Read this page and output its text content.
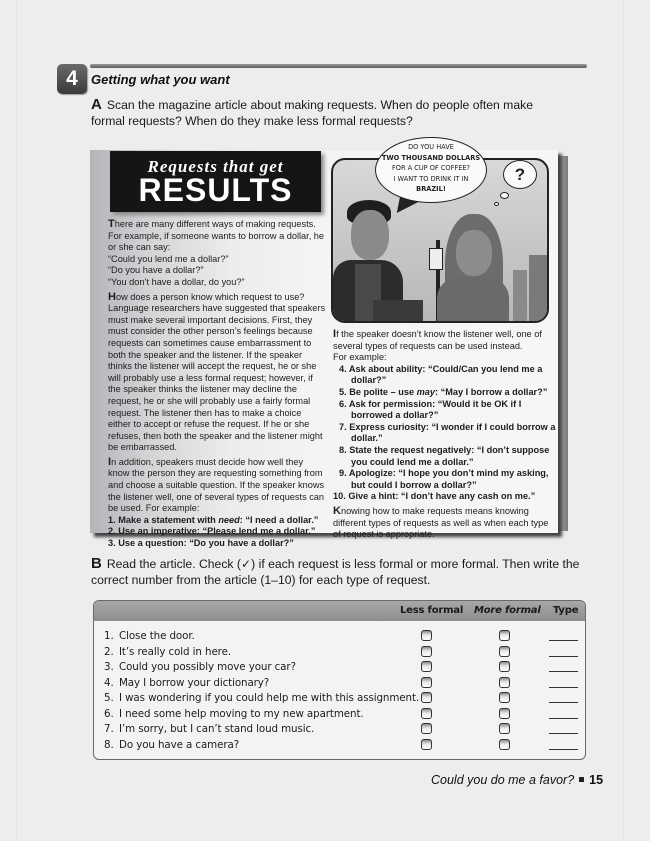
4	Getting what you want
A Scan the magazine article about making requests. When do people often make formal requests? When do they make less formal requests?
Requests that get
RESULTS
There are many different ways of making requests. For example, if someone wants to borrow a dollar, he or she can say:
“Could you lend me a dollar?”
“Do you have a dollar?”
“You don’t have a dollar, do you?”
How does a person know which request to use? Language researchers have suggested that speakers must make several important decisions. First, they must consider the other person’s feelings because requests can sometimes cause embarrassment to both the speaker and the listener. If the speaker thinks the listener will accept the request, he or she will probably use a less formal request; however, if the speaker thinks the listener may decline the request, he or she will probably use a fairly formal request. The listener then has to make a choice either to accept or refuse the request. If he or she refuses, then both the speaker and the listener might be embarrassed.
In addition, speakers must decide how well they know the person they are requesting something from and choose a suitable question. If the speaker knows the listener well, one of several types of requests can be used. For example:
1. Make a statement with need: “I need a dollar.”
2. Use an imperative: “Please lend me a dollar.”
3. Use a question: “Do you have a dollar?”
DO YOU HAVE
TWO THOUSAND DOLLARS
FOR A CUP OF COFFEE?
I WANT TO DRINK IT IN
BRAZIL!
?
If the speaker doesn’t know the listener well, one of several types of requests can be used instead.
For example:
4. Ask about ability: “Could/Can you lend me a dollar?”
5. Be polite – use may: “May I borrow a dollar?”
6. Ask for permission: “Would it be OK if I borrowed a dollar?”
7. Express curiosity: “I wonder if I could borrow a dollar.”
8. State the request negatively: “I don’t suppose you could lend me a dollar.”
9. Apologize: “I hope you don’t mind my asking, but could I borrow a dollar?”
10. Give a hint: “I don’t have any cash on me.”
Knowing how to make requests means knowing different types of requests as well as when each type of request is appropriate.
B Read the article. Check (✓) if each request is less formal or more formal. Then write the correct number from the article (1–10) for each type of request.
Less formal More formal Type
1. Close the door.
2. It’s really cold in here.
3. Could you possibly move your car?
4. May I borrow your dictionary?
5. I was wondering if you could help me with this assignment.
6. I need some help moving to my new apartment.
7. I’m sorry, but I can’t stand loud music.
8. Do you have a camera?
Could you do me a favor? 15
